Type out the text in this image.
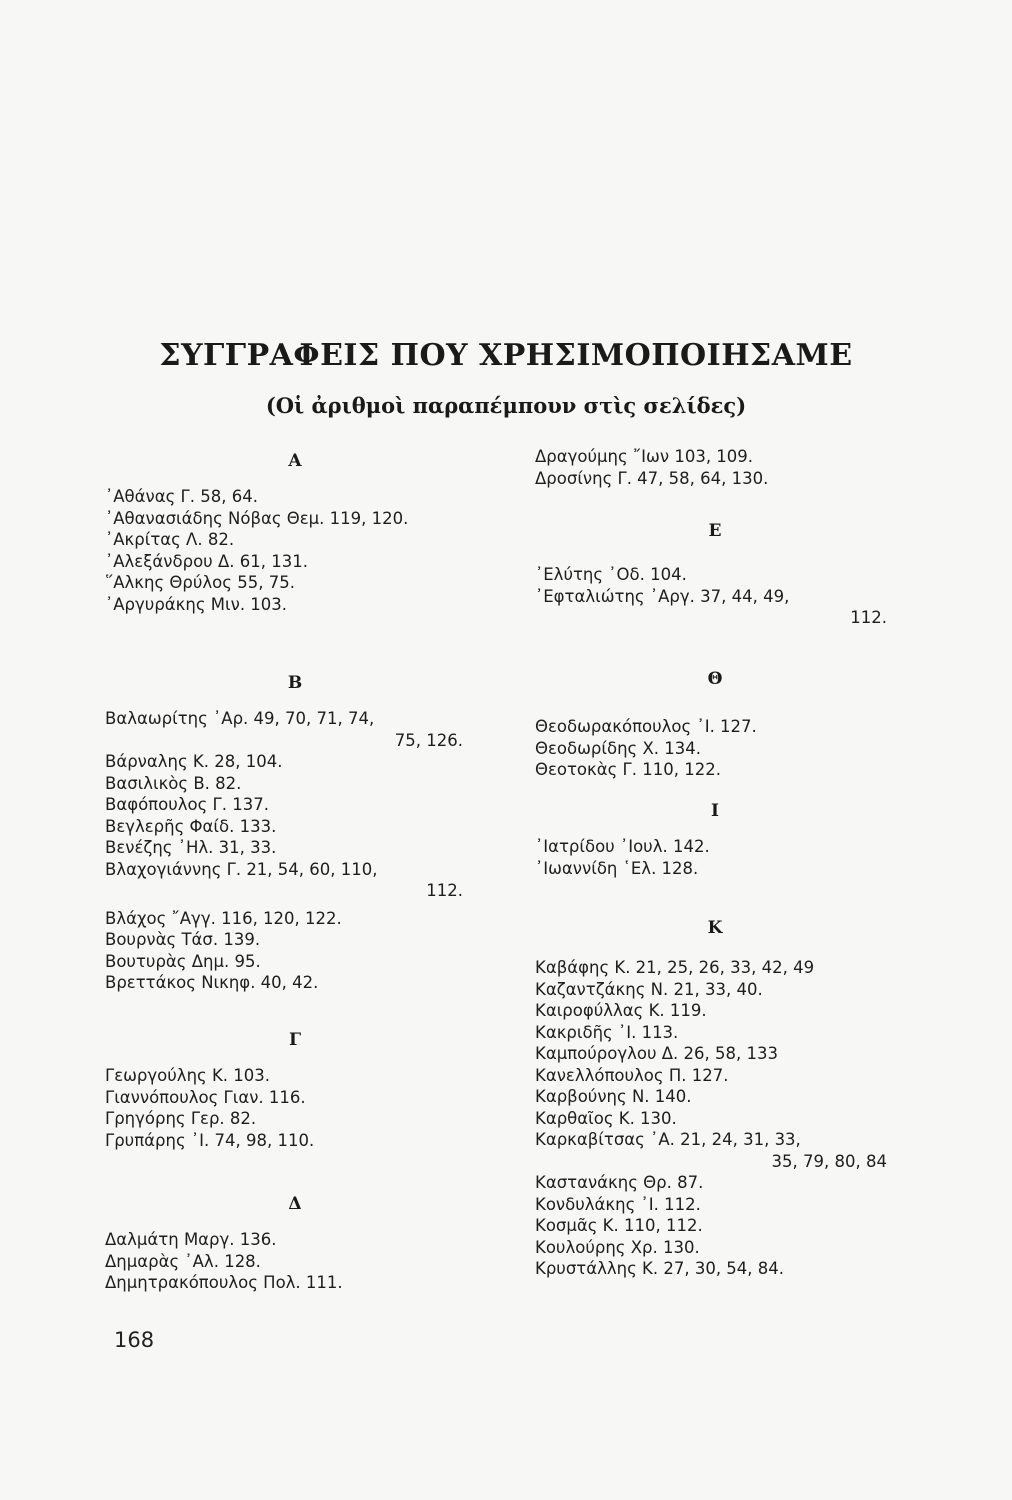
ΣΥΓΓΡΑΦΕΙΣ ΠΟΥ ΧΡΗΣΙΜΟΠΟΙΗΣΑΜΕ

(Οἱ ἀριθμοὶ παραπέμπουν στὶς σελίδες)

Α

᾿Αθάνας Γ. 58, 64.

᾿Αθανασιάδης Νόβας Θεμ. 119, 120.

᾿Ακρίτας Λ. 82.

᾿Αλεξάνδρου Δ. 61, 131.

῞Αλκης Θρύλος 55, 75.

᾿Αργυράκης Μιν. 103.

Β

Βαλαωρίτης ᾿Αρ. 49, 70, 71, 74,

75, 126.

Βάρναλης Κ. 28, 104.

Βασιλικὸς Β. 82.

Βαφόπουλος Γ. 137.

Βεγλερῆς Φαίδ. 133.

Βενέζης ᾿Ηλ. 31, 33.

Βλαχογιάννης Γ. 21, 54, 60, 110,

112.

Βλάχος ῎Αγγ. 116, 120, 122.

Βουρνὰς Τάσ. 139.

Βουτυρὰς Δημ. 95.

Βρεττάκος Νικηφ. 40, 42.

Γ

Γεωργούλης Κ. 103.

Γιαννόπουλος Γιαν. 116.

Γρηγόρης Γερ. 82.

Γρυπάρης ᾿Ι. 74, 98, 110.

Δ

Δαλμάτη Μαργ. 136.

Δημαρὰς ᾿Αλ. 128.

Δημητρακόπουλος Πολ. 111.

Δραγούμης ῎Ιων 103, 109.

Δροσίνης Γ. 47, 58, 64, 130.

Ε

᾿Ελύτης ᾿Οδ. 104.

᾿Εφταλιώτης ᾿Αργ. 37, 44, 49,

112.

Θ

Θεοδωρακόπουλος ᾿Ι. 127.

Θεοδωρίδης Χ. 134.

Θεοτοκὰς Γ. 110, 122.

Ι

᾿Ιατρίδου ᾿Ιουλ. 142.

᾿Ιωαννίδη ῾Ελ. 128.

Κ

Καβάφης Κ. 21, 25, 26, 33, 42, 49

Καζαντζάκης Ν. 21, 33, 40.

Καιροφύλλας Κ. 119.

Κακριδῆς ᾿Ι. 113.

Καμπούρογλου Δ. 26, 58, 133

Κανελλόπουλος Π. 127.

Καρβούνης Ν. 140.

Καρθαῖος Κ. 130.

Καρκαβίτσας ᾿Α. 21, 24, 31, 33,

35, 79, 80, 84

Καστανάκης Θρ. 87.

Κονδυλάκης ᾿Ι. 112.

Κοσμᾶς Κ. 110, 112.

Κουλούρης Χρ. 130.

Κρυστάλλης Κ. 27, 30, 54, 84.

168
